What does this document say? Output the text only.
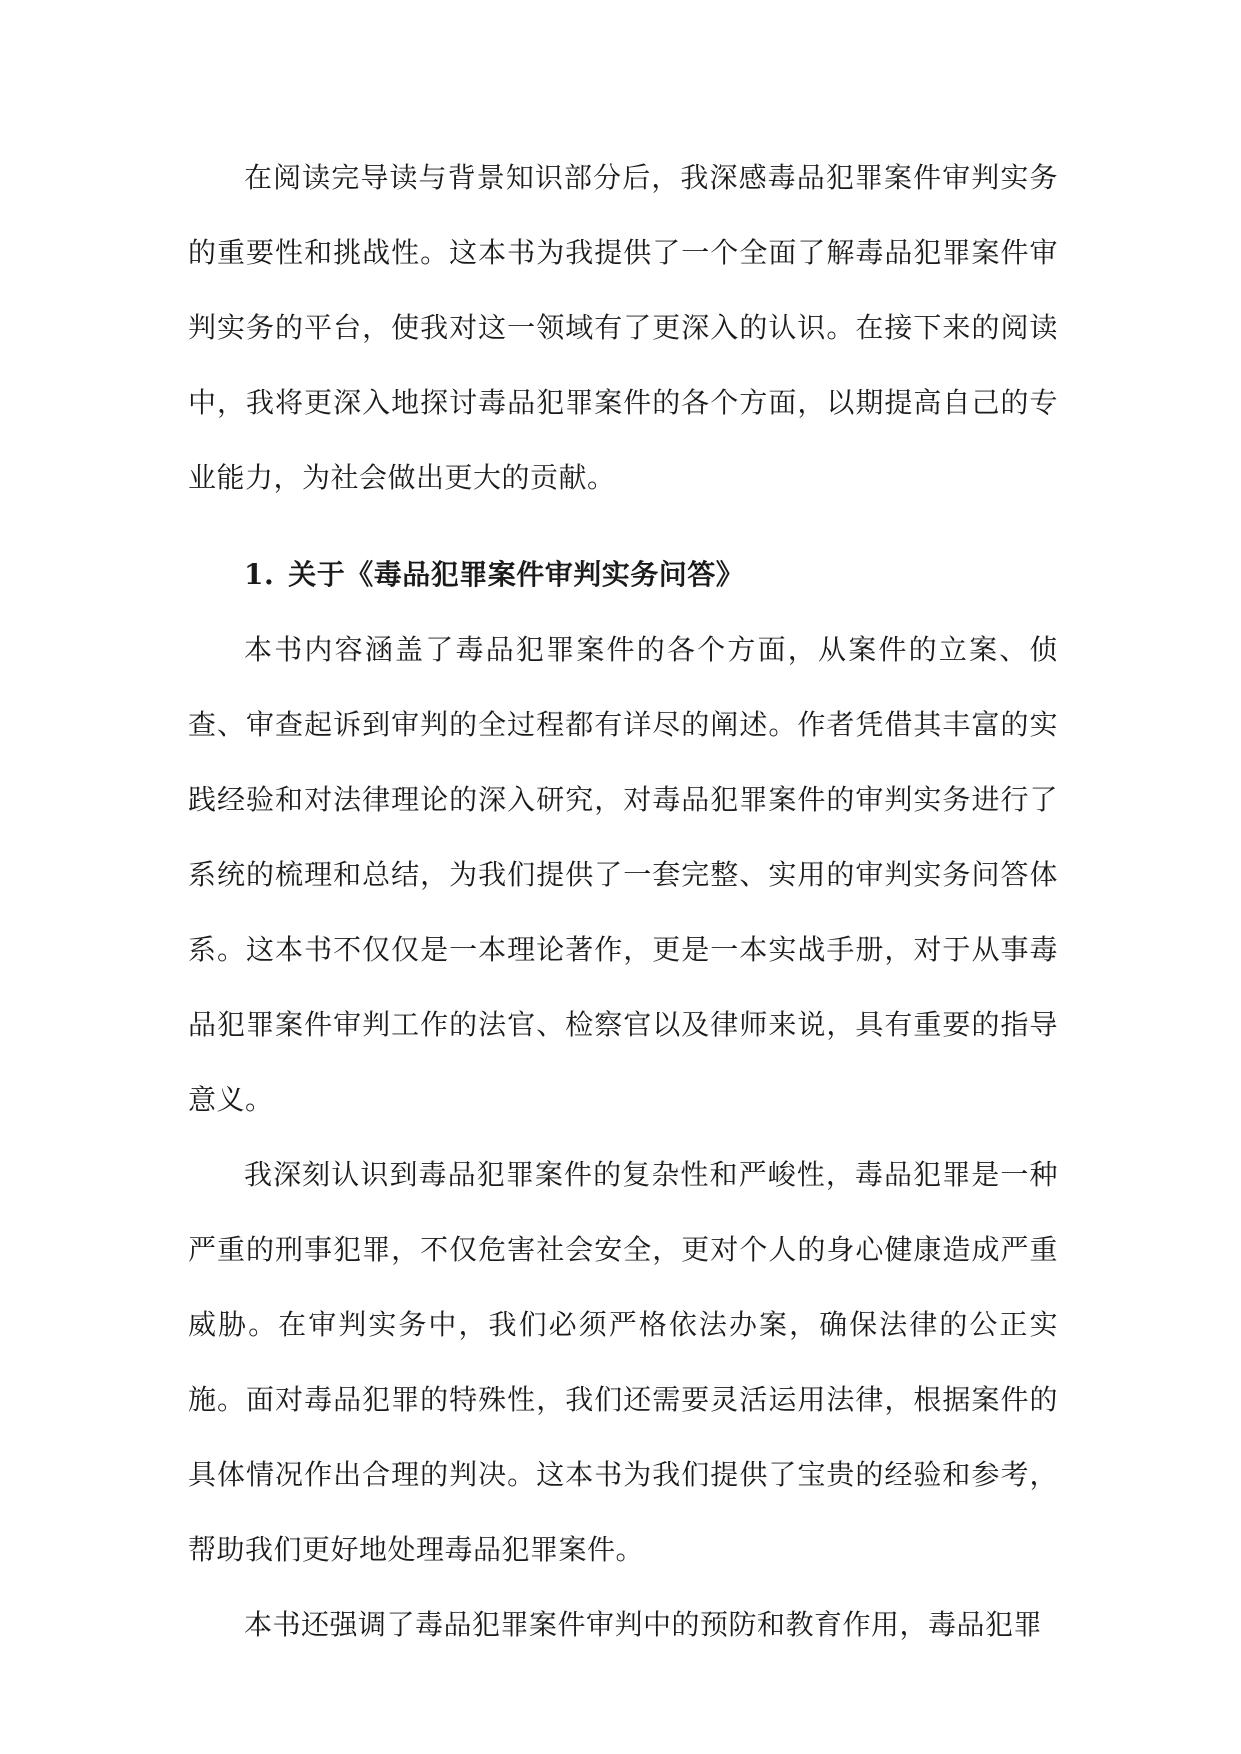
在阅读完导读与背景知识部分后，我深感毒品犯罪案件审判实务的重要性和挑战性。这本书为我提供了一个全面了解毒品犯罪案件审判实务的平台，使我对这一领域有了更深入的认识。在接下来的阅读中，我将更深入地探讨毒品犯罪案件的各个方面，以期提高自己的专业能力，为社会做出更大的贡献。

1. 关于《毒品犯罪案件审判实务问答》

本书内容涵盖了毒品犯罪案件的各个方面，从案件的立案、侦查、审查起诉到审判的全过程都有详尽的阐述。作者凭借其丰富的实践经验和对法律理论的深入研究，对毒品犯罪案件的审判实务进行了系统的梳理和总结，为我们提供了一套完整、实用的审判实务问答体系。这本书不仅仅是一本理论著作，更是一本实战手册，对于从事毒品犯罪案件审判工作的法官、检察官以及律师来说，具有重要的指导意义。

我深刻认识到毒品犯罪案件的复杂性和严峻性，毒品犯罪是一种严重的刑事犯罪，不仅危害社会安全，更对个人的身心健康造成严重威胁。在审判实务中，我们必须严格依法办案，确保法律的公正实施。面对毒品犯罪的特殊性，我们还需要灵活运用法律，根据案件的具体情况作出合理的判决。这本书为我们提供了宝贵的经验和参考，帮助我们更好地处理毒品犯罪案件。

本书还强调了毒品犯罪案件审判中的预防和教育作用，毒品犯罪
